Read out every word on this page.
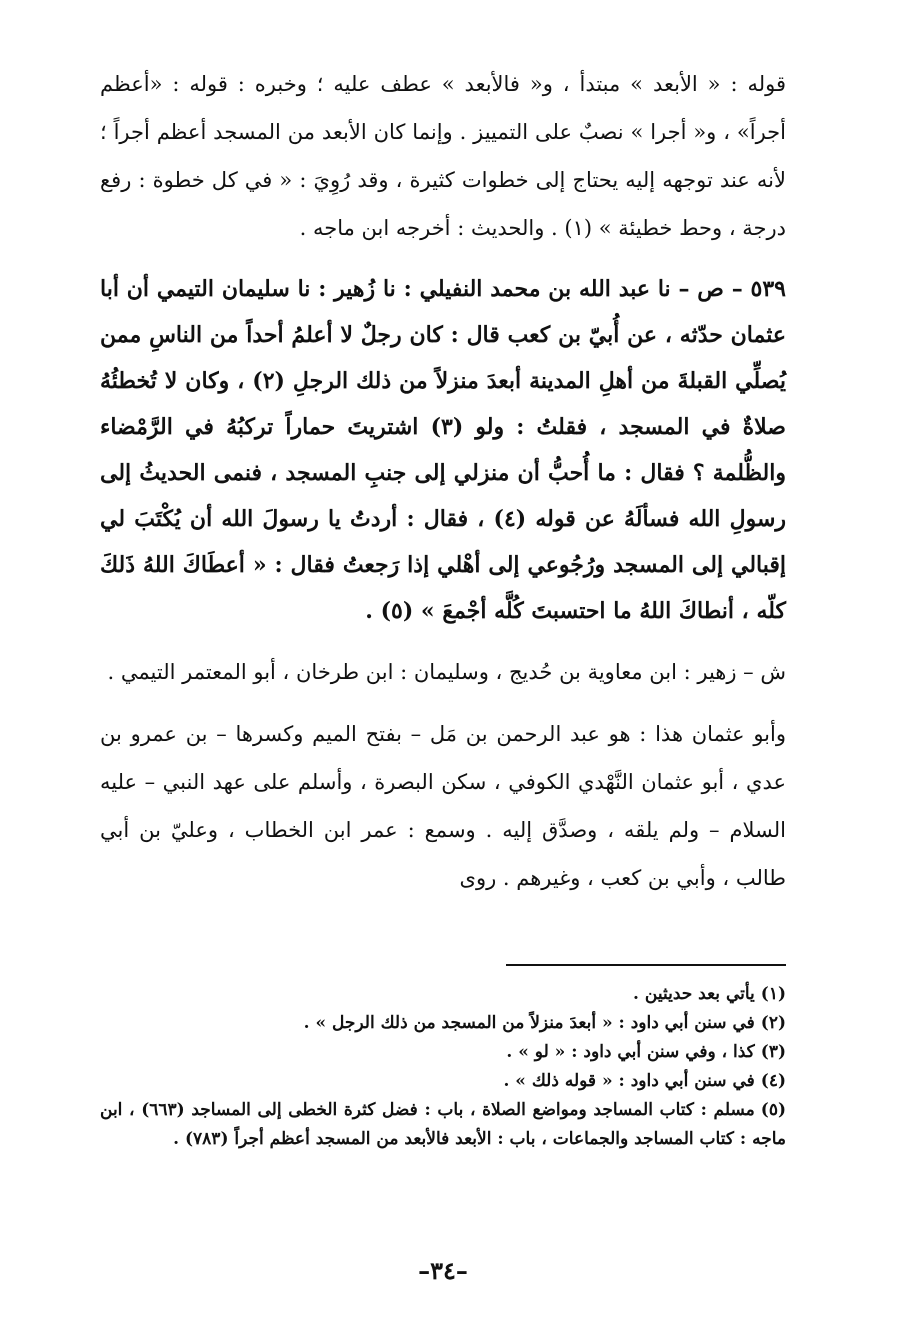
قوله : « الأبعد » مبتدأ ، و« فالأبعد » عطف عليه ؛ وخبره : قوله : «أعظم أجراً» ، و« أجرا » نصبٌ على التمييز . وإنما كان الأبعد من المسجد أعظم أجراً ؛ لأنه عند توجهه إليه يحتاج إلى خطوات كثيرة ، وقد رُوِيَ : « في كل خطوة : رفع درجة ، وحط خطيئة » (١) . والحديث : أخرجه ابن ماجه .

٥٣٩ – ص – نا عبد الله بن محمد النفيلي : نا زُهير : نا سليمان التيمي أن أبا عثمان حدّثه ، عن أُبيّ بن كعب قال : كان رجلٌ لا أعلمُ أحداً من الناسِ ممن يُصلِّي القبلةَ من أهلِ المدينة أبعدَ منزلاً من ذلك الرجلِ (٢) ، وكان لا تُخطئُهُ صلاةٌ في المسجد ، فقلتُ : ولو (٣) اشتريتَ حماراً تركبُهُ في الرَّمْضاء والظُّلمة ؟ فقال : ما أُحبُّ أن منزلي إلى جنبِ المسجد ، فنمى الحديثُ إلى رسولِ الله فسألَهُ عن قوله (٤) ، فقال : أردتُ يا رسولَ الله أن يُكْتَبَ لي إقبالي إلى المسجد ورُجُوعي إلى أهْلي إذا رَجعتُ فقال : « أعطَاكَ اللهُ ذَلكَ كلّه ، أنطاكَ اللهُ ما احتسبتَ كُلَّه أجْمعَ » (٥) .

ش – زهير : ابن معاوية بن حُديج ، وسليمان : ابن طرخان ، أبو المعتمر التيمي .

وأبو عثمان هذا : هو عبد الرحمن بن مَل – بفتح الميم وكسرها – بن عمرو بن عدي ، أبو عثمان النَّهْدي الكوفي ، سكن البصرة ، وأسلم على عهد النبي – عليه السلام – ولم يلقه ، وصدَّق إليه . وسمع : عمر ابن الخطاب ، وعليّ بن أبي طالب ، وأبي بن كعب ، وغيرهم . روى

(١)يأتي بعد حديثين .

(٢)في سنن أبي داود : « أبعدَ منزلاً من المسجد من ذلك الرجل » .

(٣)كذا ، وفي سنن أبي داود : « لو » .

(٤)في سنن أبي داود : « قوله ذلك » .

(٥)مسلم : كتاب المساجد ومواضع الصلاة ، باب : فضل كثرة الخطى إلى المساجد (٦٦٣) ، ابن ماجه : كتاب المساجد والجماعات ، باب : الأبعد فالأبعد من المسجد أعظم أجراً (٧٨٣) .

–٣٤–
